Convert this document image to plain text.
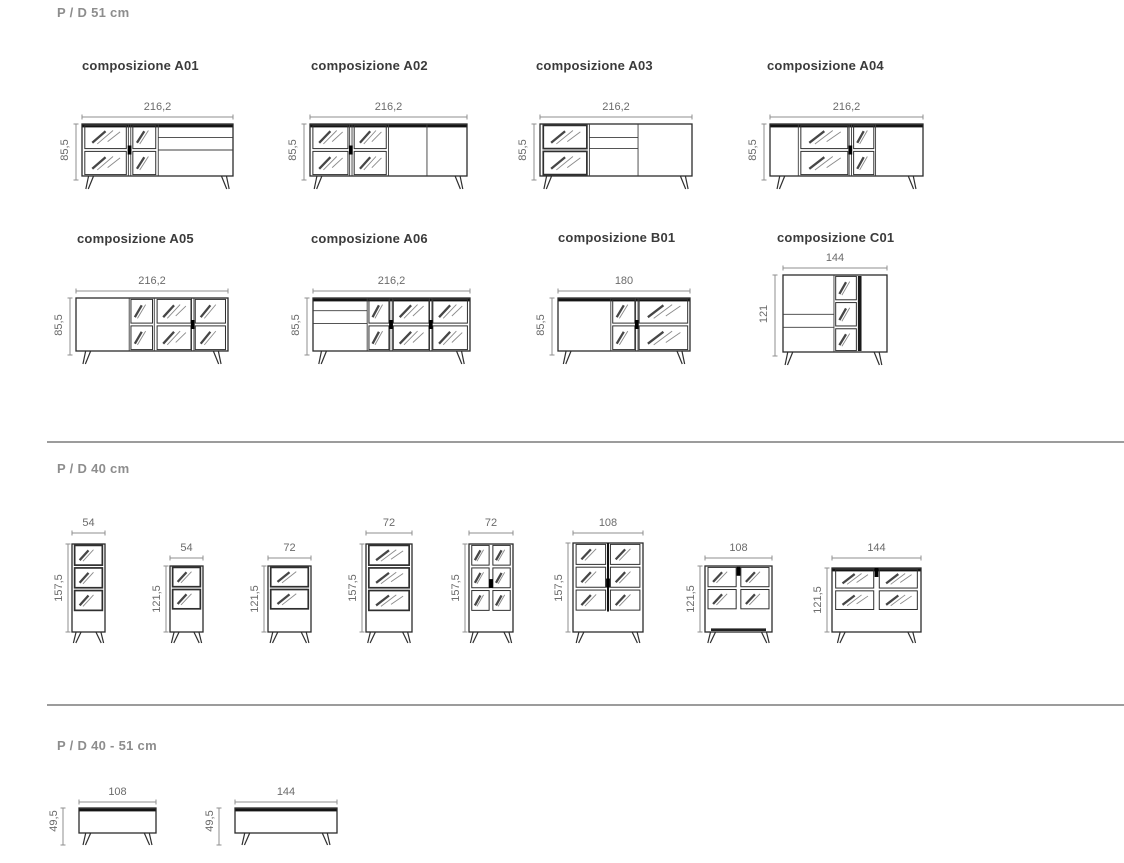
P / D 51 cm
P / D 40 cm
P / D 40 - 51 cm
composizione A01
216,2
85,5
composizione A02
216,2
85,5
composizione A03
216,2
85,5
composizione A04
216,2
85,5
composizione A05
216,2
85,5
composizione A06
216,2
85,5
composizione B01
180
85,5
composizione C01
144
121
54
157,5
54
121,5
72
121,5
72
157,5
72
157,5
108
157,5
108
121,5
144
121,5
108
49,5
144
49,5
